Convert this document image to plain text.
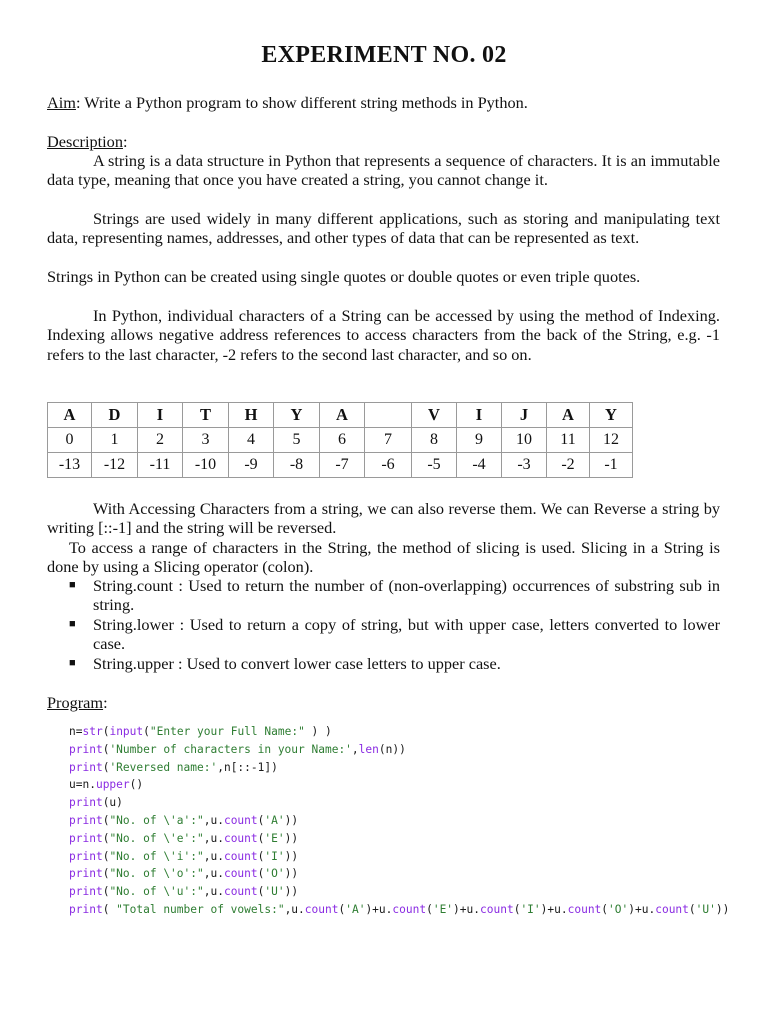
EXPERIMENT NO. 02
Aim: Write a Python program to show different string methods in Python.
Description:
A string is a data structure in Python that represents a sequence of characters. It is an immutable data type, meaning that once you have created a string, you cannot change it.
Strings are used widely in many different applications, such as storing and manipulating text data, representing names, addresses, and other types of data that can be represented as text.
Strings in Python can be created using single quotes or double quotes or even triple quotes.
In Python, individual characters of a String can be accessed by using the method of Indexing. Indexing allows negative address references to access characters from the back of the String, e.g. -1 refers to the last character, -2 refers to the second last character, and so on.
A	D	I	T	H	Y	A		V	I	J	A	Y
0	1	2	3	4	5	6	7	8	9	10	11	12
-13	-12	-11	-10	-9	-8	-7	-6	-5	-4	-3	-2	-1
With Accessing Characters from a string, we can also reverse them. We can Reverse a string by writing [::-1] and the string will be reversed.
To access a range of characters in the String, the method of slicing is used. Slicing in a String is done by using a Slicing operator (colon).
■ String.count : Used to return the number of (non-overlapping) occurrences of substring sub in string.
■ String.lower : Used to return a copy of string, but with upper case, letters converted to lower case.
■ String.upper : Used to convert lower case letters to upper case.
Program:
n=str(input("Enter your Full Name:" ) )
print('Number of characters in your Name:',len(n))
print('Reversed name:',n[::-1])
u=n.upper()
print(u)
print("No. of \'a':",u.count('A'))
print("No. of \'e':",u.count('E'))
print("No. of \'i':",u.count('I'))
print("No. of \'o':",u.count('O'))
print("No. of \'u':",u.count('U'))
print( "Total number of vowels:",u.count('A')+u.count('E')+u.count('I')+u.count('O')+u.count('U'))
